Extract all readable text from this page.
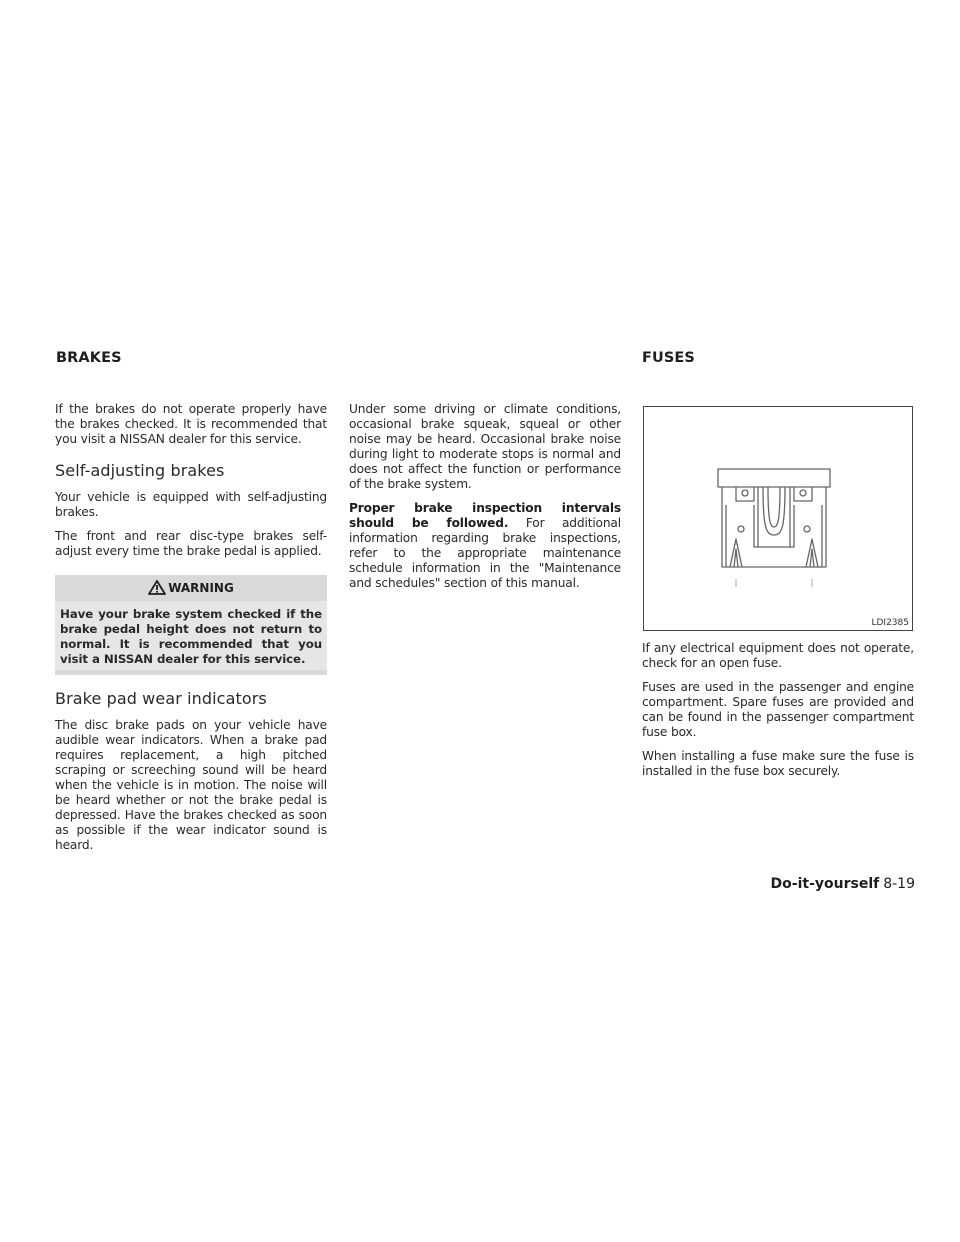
BRAKES	FUSES

If the brakes do not operate properly have the brakes checked. It is recommended that you visit a NISSAN dealer for this service.

Self-adjusting brakes

Your vehicle is equipped with self-adjusting brakes.

The front and rear disc-type brakes self-adjust every time the brake pedal is applied.

WARNING
Have your brake system checked if the brake pedal height does not return to normal. It is recommended that you visit a NISSAN dealer for this service.
Brake pad wear indicators

The disc brake pads on your vehicle have audible wear indicators. When a brake pad requires replacement, a high pitched scraping or screeching sound will be heard when the vehicle is in motion. The noise will be heard whether or not the brake pedal is depressed. Have the brakes checked as soon as possible if the wear indicator sound is heard.

Under some driving or climate conditions, occasional brake squeak, squeal or other noise may be heard. Occasional brake noise during light to moderate stops is normal and does not affect the function or performance of the brake system.

Proper brake inspection intervals should be followed. For additional information regarding brake inspections, refer to the appropriate maintenance schedule information in the "Maintenance and schedules" section of this manual.

LDI2385

If any electrical equipment does not operate, check for an open fuse.

Fuses are used in the passenger and engine compartment. Spare fuses are provided and can be found in the passenger compartment fuse box.

When installing a fuse make sure the fuse is installed in the fuse box securely.

Do-it-yourself 8-19
